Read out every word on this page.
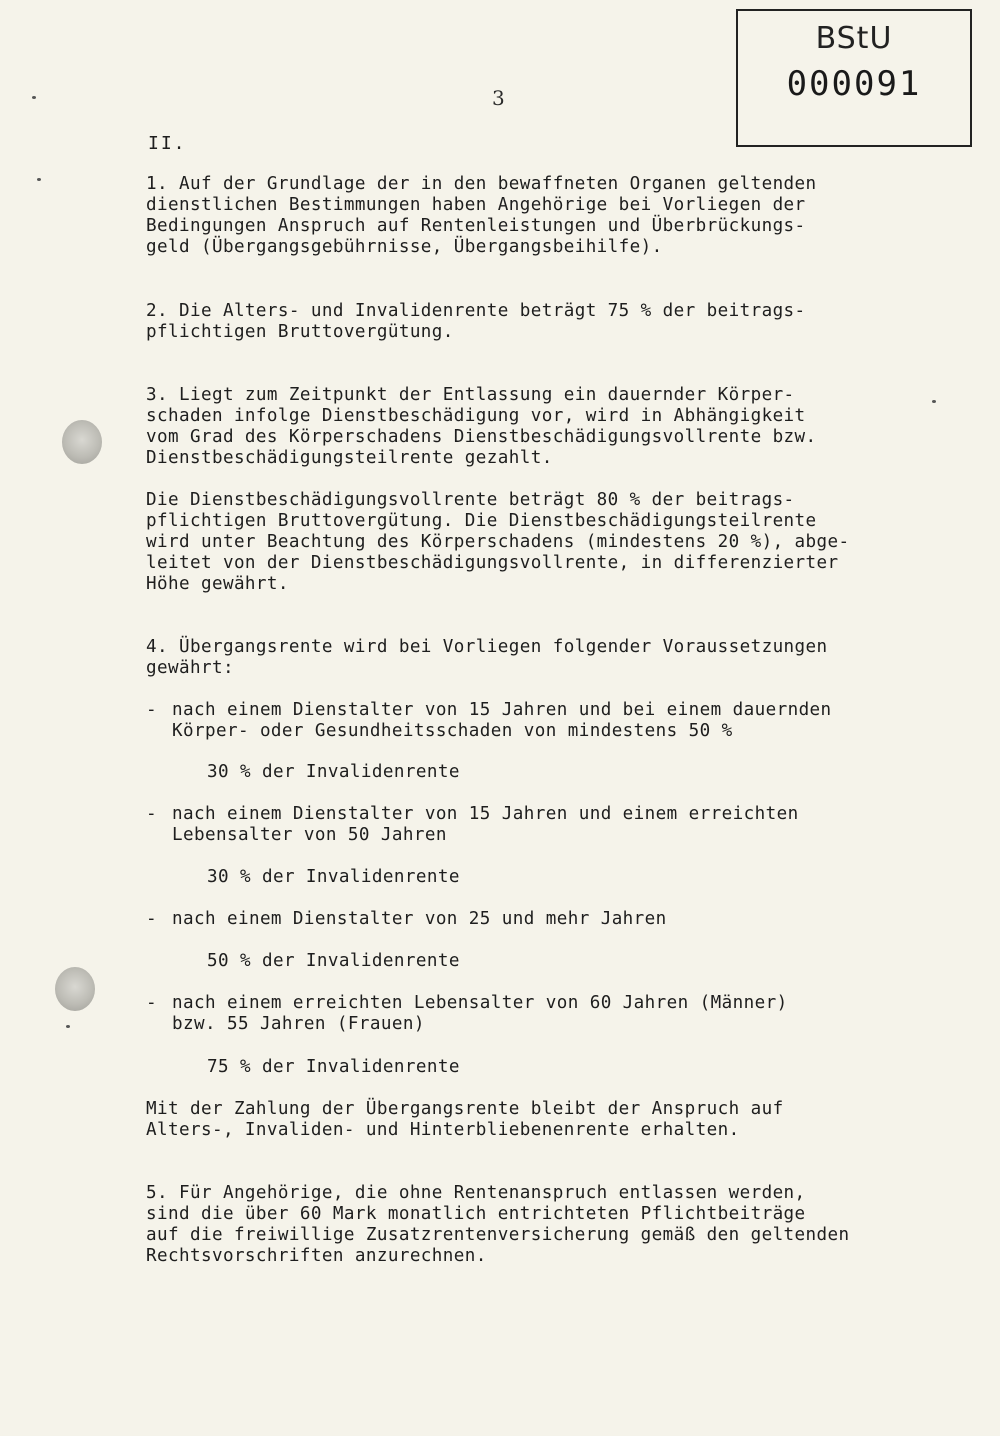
BStU
000091
3
II.
1. Auf der Grundlage der in den bewaffneten Organen geltenden
dienstlichen Bestimmungen haben Angehörige bei Vorliegen der
Bedingungen Anspruch auf Rentenleistungen und Überbrückungs-
geld (Übergangsgebührnisse, Übergangsbeihilfe).
2. Die Alters- und Invalidenrente beträgt 75 % der beitrags-
pflichtigen Bruttovergütung.
3. Liegt zum Zeitpunkt der Entlassung ein dauernder Körper-
schaden infolge Dienstbeschädigung vor, wird in Abhängigkeit
vom Grad des Körperschadens Dienstbeschädigungsvollrente bzw.
Dienstbeschädigungsteilrente gezahlt.
Die Dienstbeschädigungsvollrente beträgt 80 % der beitrags-
pflichtigen Bruttovergütung. Die Dienstbeschädigungsteilrente
wird unter Beachtung des Körperschadens (mindestens 20 %), abge-
leitet von der Dienstbeschädigungsvollrente, in differenzierter
Höhe gewährt.
4. Übergangsrente wird bei Vorliegen folgender Voraussetzungen
gewährt:
- nach einem Dienstalter von 15 Jahren und bei einem dauernden
Körper- oder Gesundheitsschaden von mindestens 50 %
30 % der Invalidenrente
- nach einem Dienstalter von 15 Jahren und einem erreichten
Lebensalter von 50 Jahren
30 % der Invalidenrente
- nach einem Dienstalter von 25 und mehr Jahren
50 % der Invalidenrente
- nach einem erreichten Lebensalter von 60 Jahren (Männer)
bzw. 55 Jahren (Frauen)
75 % der Invalidenrente
Mit der Zahlung der Übergangsrente bleibt der Anspruch auf
Alters-, Invaliden- und Hinterbliebenenrente erhalten.
5. Für Angehörige, die ohne Rentenanspruch entlassen werden,
sind die über 60 Mark monatlich entrichteten Pflichtbeiträge
auf die freiwillige Zusatzrentenversicherung gemäß den geltenden
Rechtsvorschriften anzurechnen.
